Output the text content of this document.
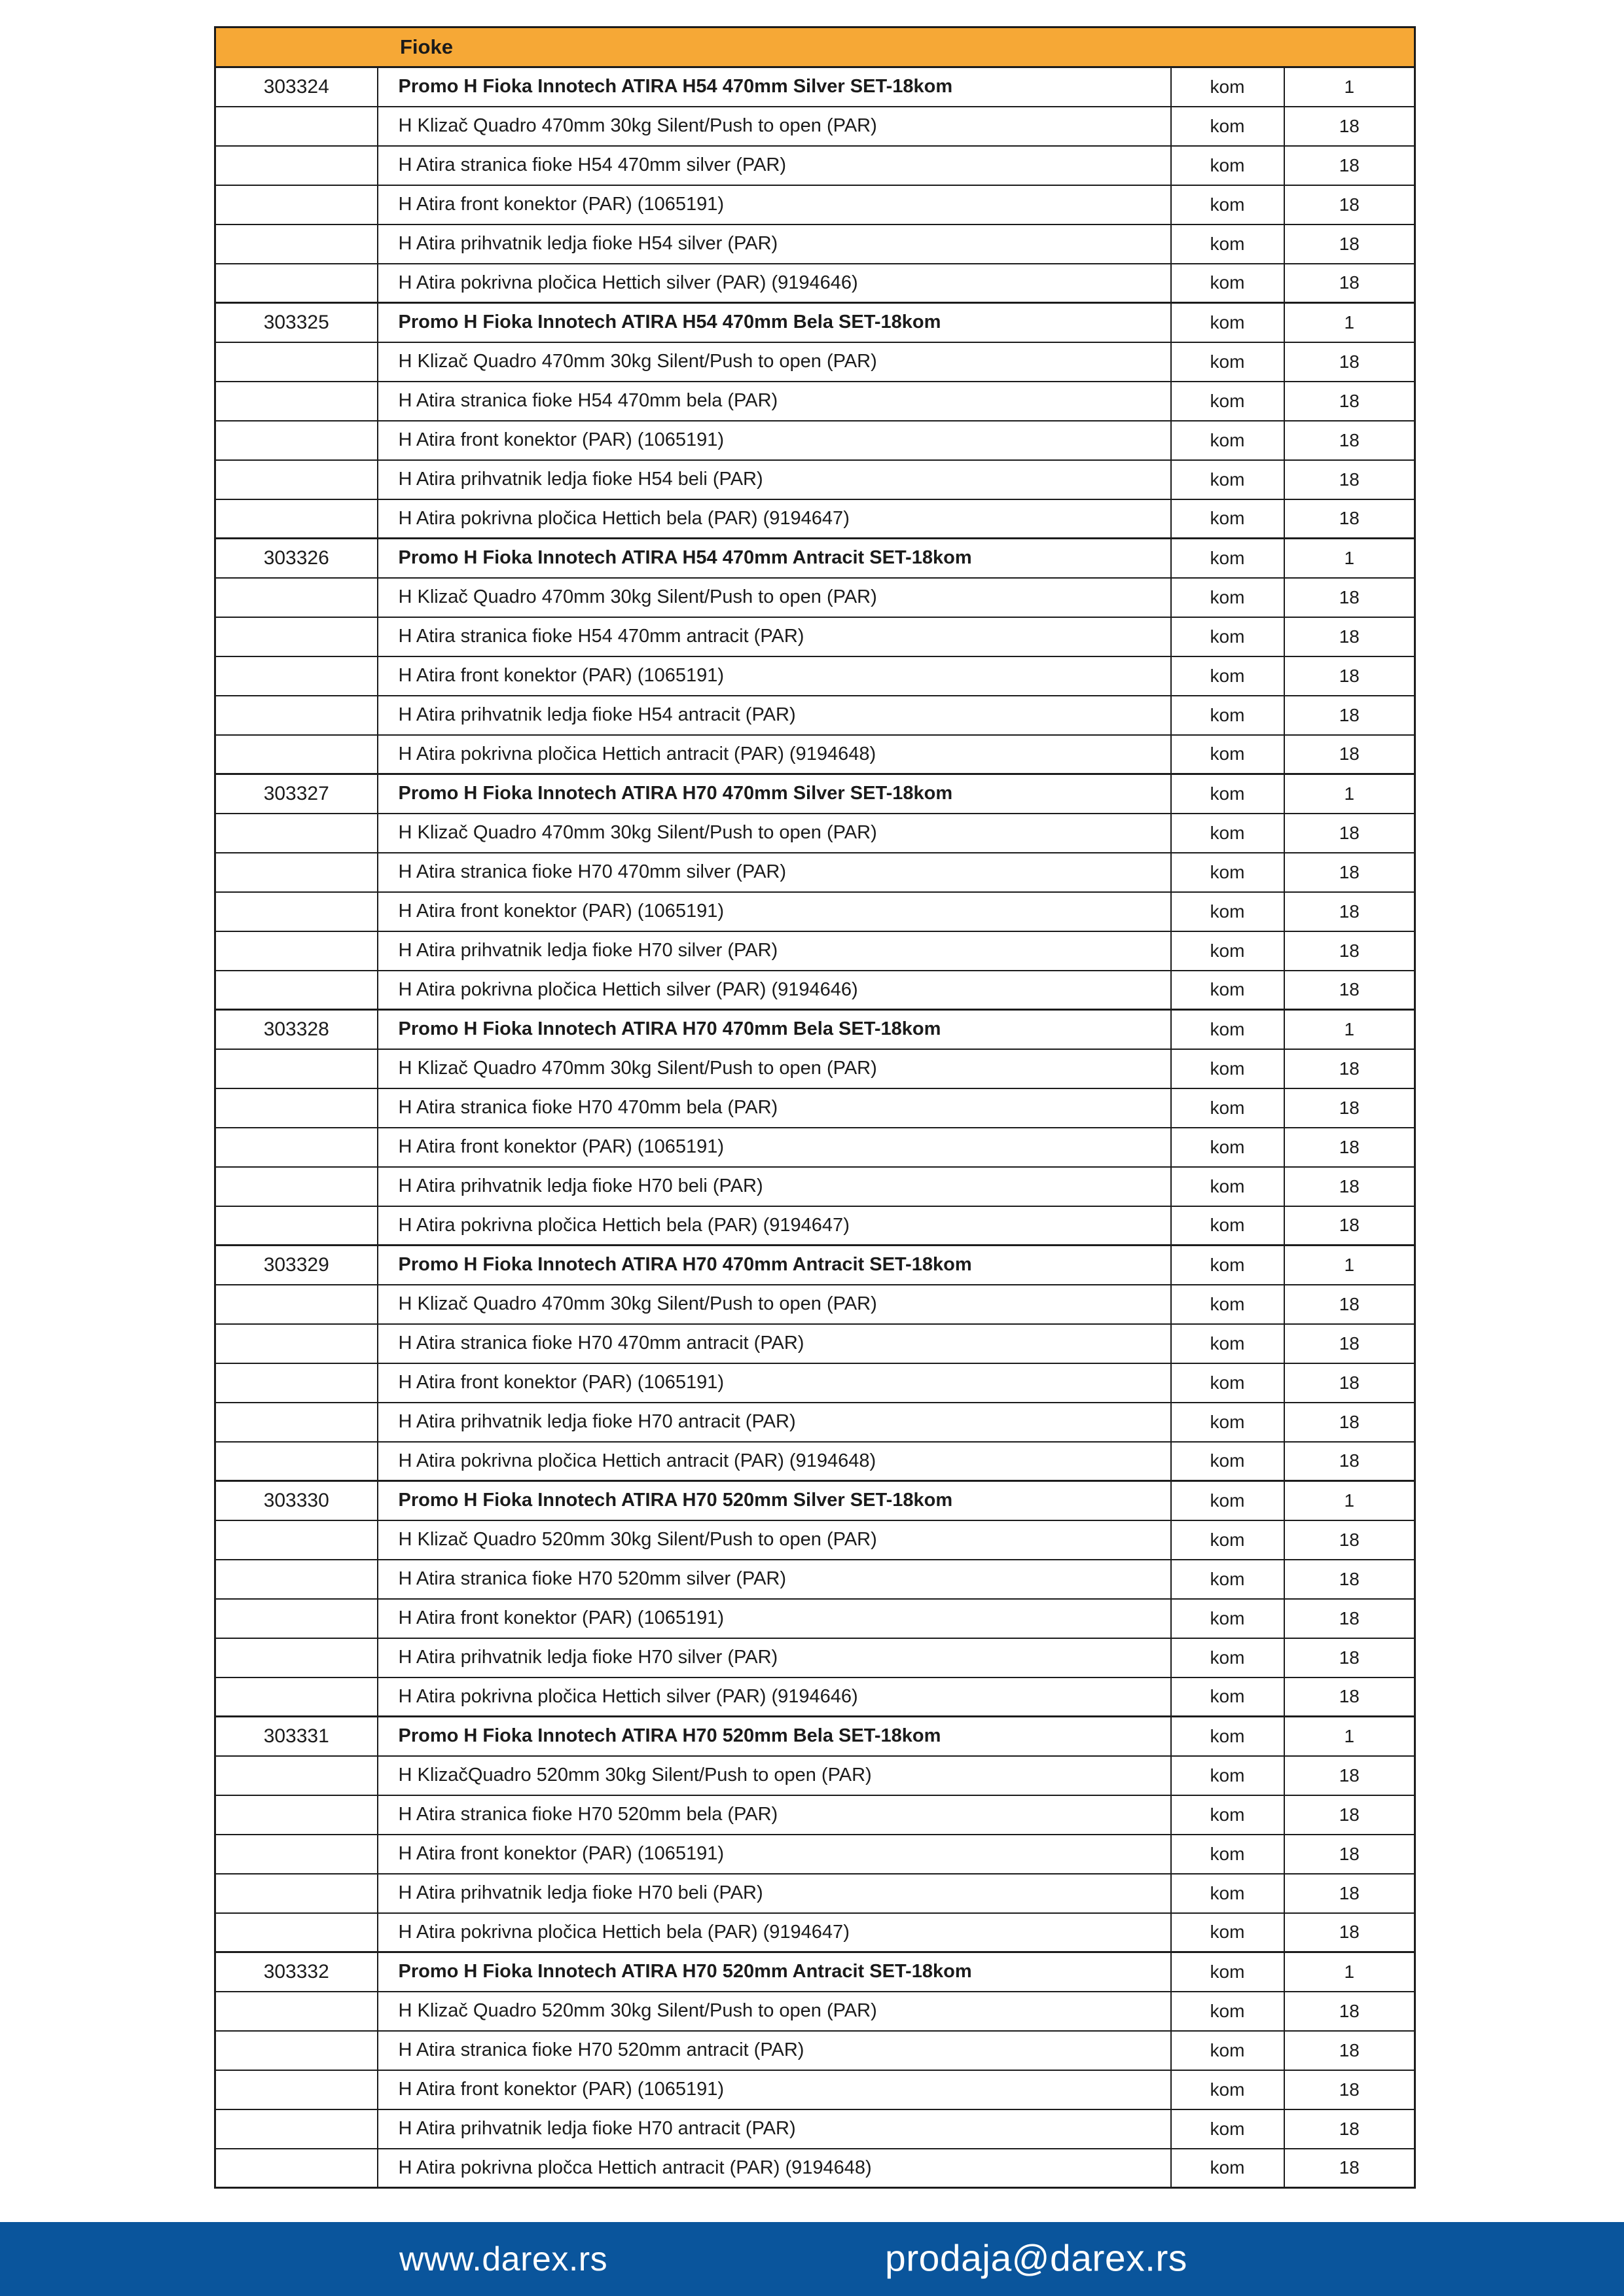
Fioke			
303324	Promo H Fioka Innotech ATIRA H54 470mm Silver SET-18kom	kom	1
	H Klizač Quadro 470mm 30kg Silent/Push to open (PAR)	kom	18
	H Atira stranica fioke H54 470mm silver (PAR)	kom	18
	H Atira front konektor (PAR) (1065191)	kom	18
	H Atira prihvatnik ledja fioke H54 silver (PAR)	kom	18
	H Atira pokrivna pločica Hettich silver (PAR) (9194646)	kom	18
303325	Promo H Fioka Innotech ATIRA H54 470mm Bela SET-18kom	kom	1
	H Klizač Quadro 470mm 30kg Silent/Push to open (PAR)	kom	18
	H Atira stranica fioke H54 470mm bela (PAR)	kom	18
	H Atira front konektor (PAR) (1065191)	kom	18
	H Atira prihvatnik ledja fioke H54 beli (PAR)	kom	18
	H Atira pokrivna pločica Hettich bela (PAR) (9194647)	kom	18
303326	Promo H Fioka Innotech ATIRA H54 470mm Antracit SET-18kom	kom	1
	H Klizač Quadro 470mm 30kg Silent/Push to open (PAR)	kom	18
	H Atira stranica fioke H54 470mm antracit (PAR)	kom	18
	H Atira front konektor (PAR) (1065191)	kom	18
	H Atira prihvatnik ledja fioke H54 antracit (PAR)	kom	18
	H Atira pokrivna pločica Hettich antracit (PAR) (9194648)	kom	18
303327	Promo H Fioka Innotech ATIRA H70 470mm Silver SET-18kom	kom	1
	H Klizač Quadro 470mm 30kg Silent/Push to open (PAR)	kom	18
	H Atira stranica fioke H70 470mm silver (PAR)	kom	18
	H Atira front konektor (PAR) (1065191)	kom	18
	H Atira prihvatnik ledja fioke H70 silver (PAR)	kom	18
	H Atira pokrivna pločica Hettich silver (PAR) (9194646)	kom	18
303328	Promo H Fioka Innotech ATIRA H70 470mm Bela SET-18kom	kom	1
	H Klizač Quadro 470mm 30kg Silent/Push to open (PAR)	kom	18
	H Atira stranica fioke H70 470mm bela (PAR)	kom	18
	H Atira front konektor (PAR) (1065191)	kom	18
	H Atira prihvatnik ledja fioke H70 beli (PAR)	kom	18
	H Atira pokrivna pločica Hettich bela (PAR) (9194647)	kom	18
303329	Promo H Fioka Innotech ATIRA H70 470mm Antracit SET-18kom	kom	1
	H Klizač Quadro 470mm 30kg Silent/Push to open (PAR)	kom	18
	H Atira stranica fioke H70 470mm antracit (PAR)	kom	18
	H Atira front konektor (PAR) (1065191)	kom	18
	H Atira prihvatnik ledja fioke H70 antracit (PAR)	kom	18
	H Atira pokrivna pločica Hettich antracit (PAR) (9194648)	kom	18
303330	Promo H Fioka Innotech ATIRA H70 520mm Silver SET-18kom	kom	1
	H Klizač Quadro 520mm 30kg Silent/Push to open (PAR)	kom	18
	H Atira stranica fioke H70 520mm silver (PAR)	kom	18
	H Atira front konektor (PAR) (1065191)	kom	18
	H Atira prihvatnik ledja fioke H70 silver (PAR)	kom	18
	H Atira pokrivna pločica Hettich silver (PAR) (9194646)	kom	18
303331	Promo H Fioka Innotech ATIRA H70 520mm Bela SET-18kom	kom	1
	H KlizačQuadro 520mm 30kg Silent/Push to open (PAR)	kom	18
	H Atira stranica fioke H70 520mm bela (PAR)	kom	18
	H Atira front konektor (PAR) (1065191)	kom	18
	H Atira prihvatnik ledja fioke H70 beli (PAR)	kom	18
	H Atira pokrivna pločica Hettich bela (PAR) (9194647)	kom	18
303332	Promo H Fioka Innotech ATIRA H70 520mm Antracit SET-18kom	kom	1
	H Klizač Quadro 520mm 30kg Silent/Push to open (PAR)	kom	18
	H Atira stranica fioke H70 520mm antracit (PAR)	kom	18
	H Atira front konektor (PAR) (1065191)	kom	18
	H Atira prihvatnik ledja fioke H70 antracit (PAR)	kom	18
	H Atira pokrivna pločca Hettich antracit (PAR) (9194648)	kom	18
www.darex.rs	prodaja@darex.rs
